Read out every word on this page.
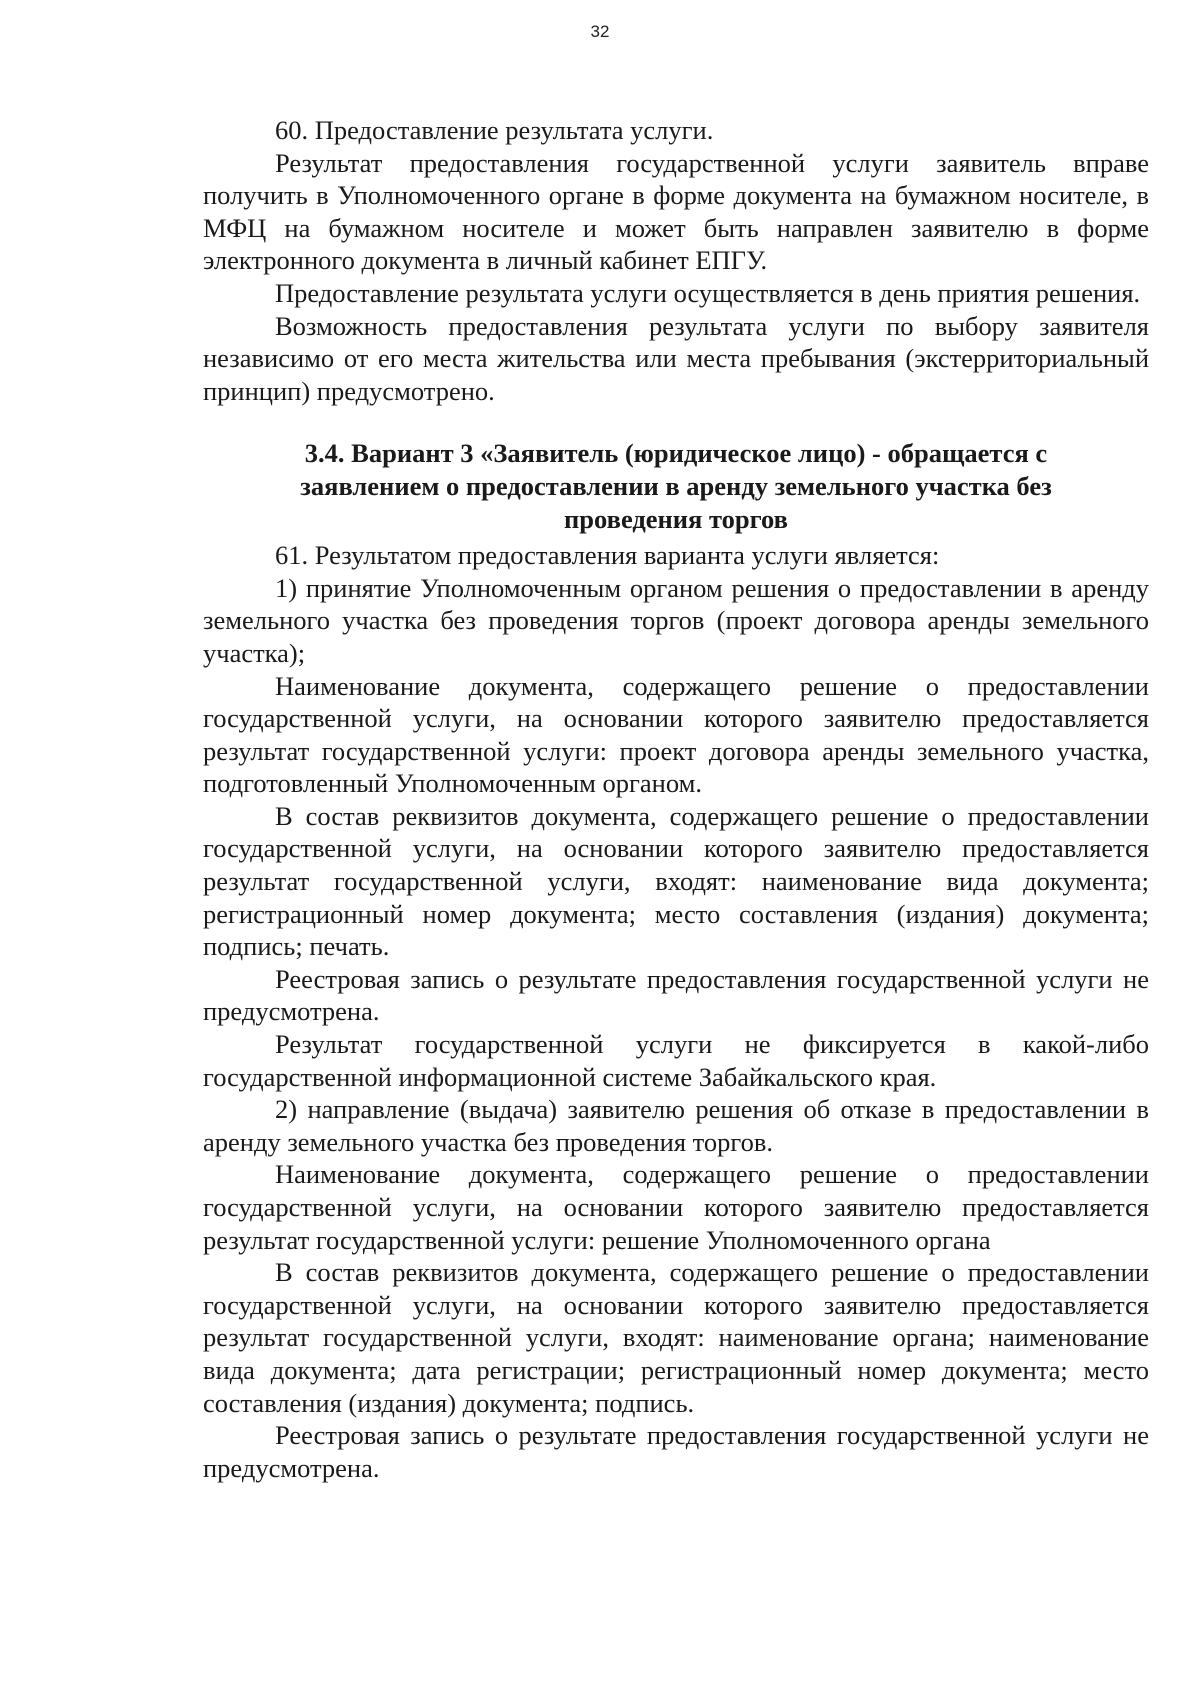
32

60. Предоставление результата услуги.

Результат предоставления государственной услуги заявитель вправе получить в Уполномоченного органе в форме документа на бумажном носителе, в МФЦ на бумажном носителе и может быть направлен заявителю в форме электронного документа в личный кабинет ЕПГУ.

Предоставление результата услуги осуществляется в день приятия решения.

Возможность предоставления результата услуги по выбору заявителя независимо от его места жительства или места пребывания (экстерриториальный принцип) предусмотрено.

3.4. Вариант 3 «Заявитель (юридическое лицо) - обращается с заявлением о предоставлении в аренду земельного участка без проведения торгов

61. Результатом предоставления варианта услуги является:

1) принятие Уполномоченным органом решения о предоставлении в аренду земельного участка без проведения торгов (проект договора аренды земельного участка);

Наименование документа, содержащего решение о предоставлении государственной услуги, на основании которого заявителю предоставляется результат государственной услуги: проект договора аренды земельного участка, подготовленный Уполномоченным органом.

В состав реквизитов документа, содержащего решение о предоставлении государственной услуги, на основании которого заявителю предоставляется результат государственной услуги, входят: наименование вида документа; регистрационный номер документа; место составления (издания) документа; подпись; печать.

Реестровая запись о результате предоставления государственной услуги не предусмотрена.

Результат государственной услуги не фиксируется в какой-либо государственной информационной системе Забайкальского края.

2) направление (выдача) заявителю решения об отказе в предоставлении в аренду земельного участка без проведения торгов.

Наименование документа, содержащего решение о предоставлении государственной услуги, на основании которого заявителю предоставляется результат государственной услуги: решение Уполномоченного органа

В состав реквизитов документа, содержащего решение о предоставлении государственной услуги, на основании которого заявителю предоставляется результат государственной услуги, входят: наименование органа; наименование вида документа; дата регистрации; регистрационный номер документа; место составления (издания) документа; подпись.

Реестровая запись о результате предоставления государственной услуги не предусмотрена.
